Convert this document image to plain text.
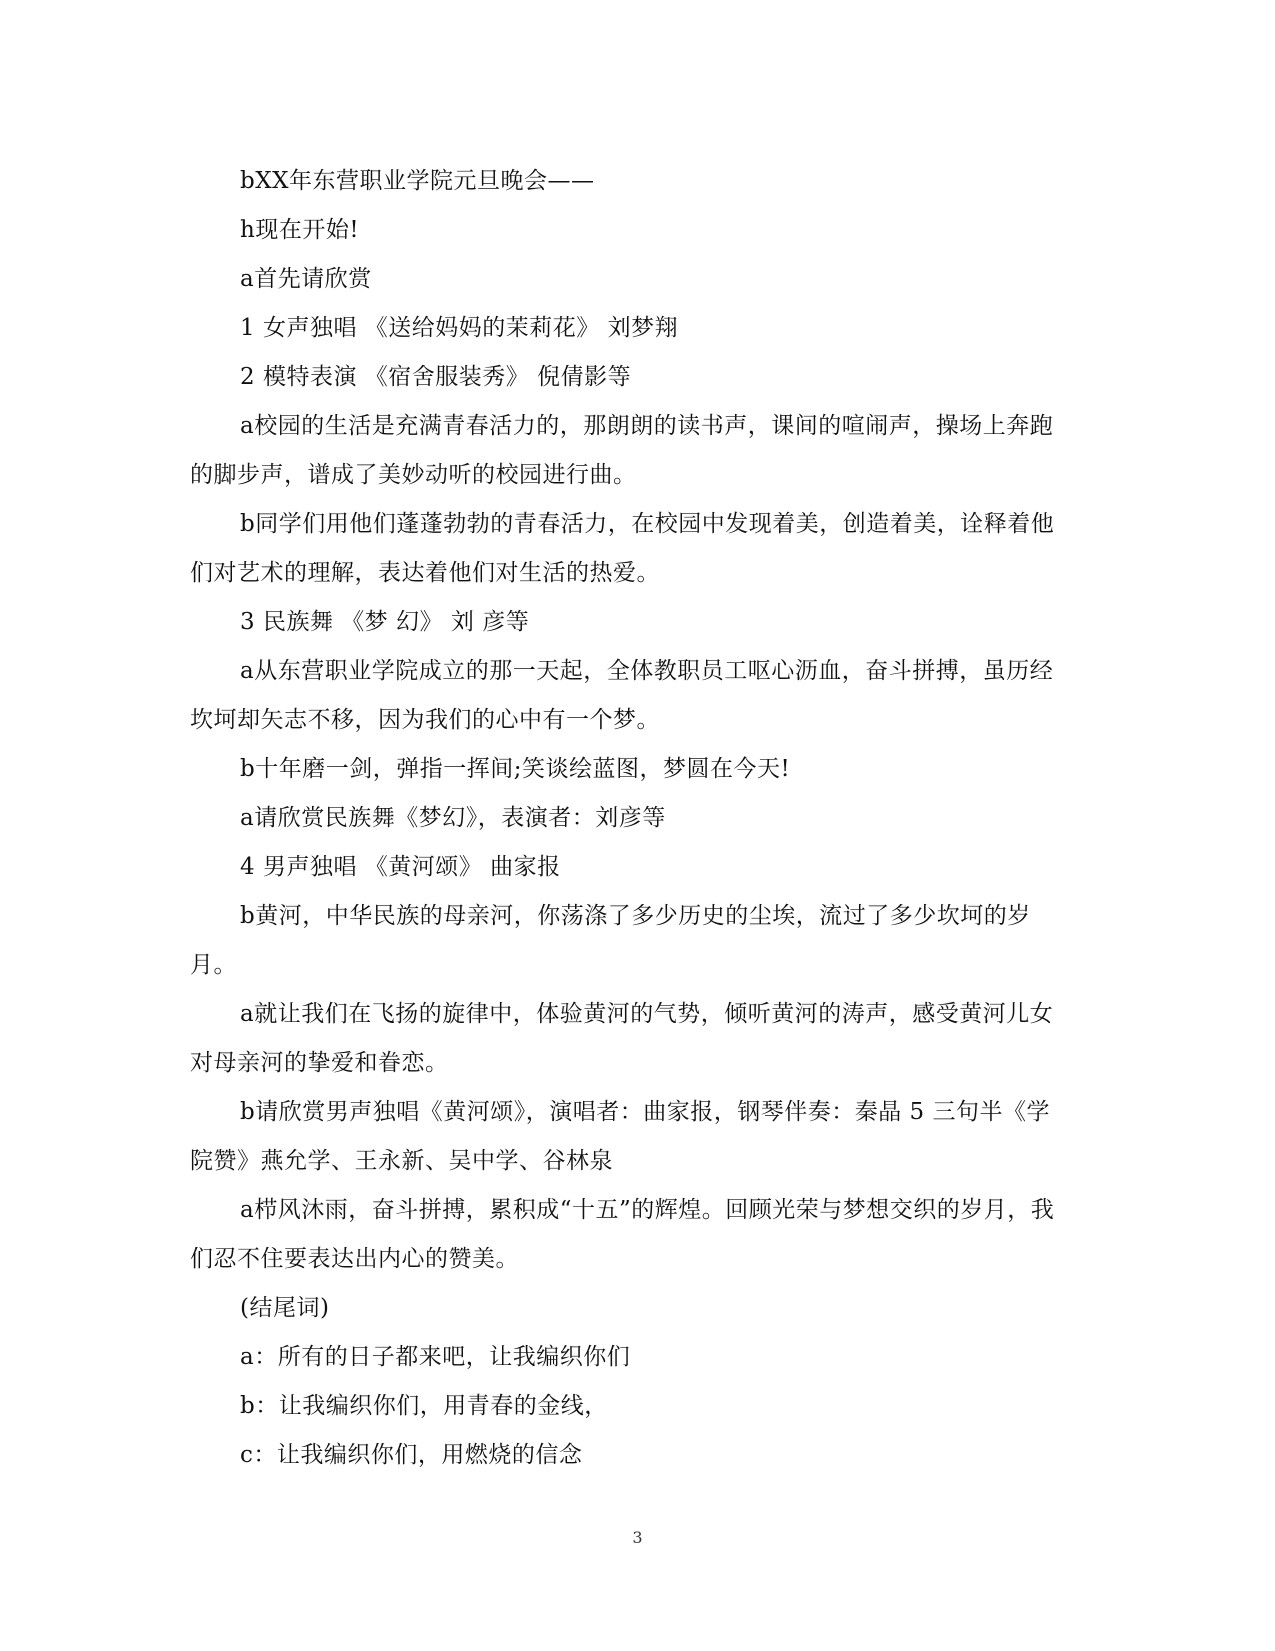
bXX年东营职业学院元旦晚会——

h现在开始!

a首先请欣赏

1 女声独唱 《送给妈妈的茉莉花》 刘梦翔

2 模特表演 《宿舍服装秀》 倪倩影等

a校园的生活是充满青春活力的，那朗朗的读书声，课间的喧闹声，操场上奔跑的脚步声，谱成了美妙动听的校园进行曲。

b同学们用他们蓬蓬勃勃的青春活力，在校园中发现着美，创造着美，诠释着他们对艺术的理解，表达着他们对生活的热爱。

3 民族舞 《梦 幻》 刘 彦等

a从东营职业学院成立的那一天起，全体教职员工呕心沥血，奋斗拼搏，虽历经坎坷却矢志不移，因为我们的心中有一个梦。

b十年磨一剑，弹指一挥间;笑谈绘蓝图，梦圆在今天!

a请欣赏民族舞《梦幻》，表演者：刘彦等

4 男声独唱 《黄河颂》 曲家报

b黄河，中华民族的母亲河，你荡涤了多少历史的尘埃，流过了多少坎坷的岁月。

a就让我们在飞扬的旋律中，体验黄河的气势，倾听黄河的涛声，感受黄河儿女对母亲河的挚爱和眷恋。

b请欣赏男声独唱《黄河颂》，演唱者：曲家报，钢琴伴奏：秦晶 5 三句半《学院赞》燕允学、王永新、吴中学、谷林泉

a栉风沐雨，奋斗拼搏，累积成“十五”的辉煌。回顾光荣与梦想交织的岁月，我们忍不住要表达出内心的赞美。

(结尾词)

a：所有的日子都来吧，让我编织你们

b：让我编织你们，用青春的金线，

c：让我编织你们，用燃烧的信念

3
